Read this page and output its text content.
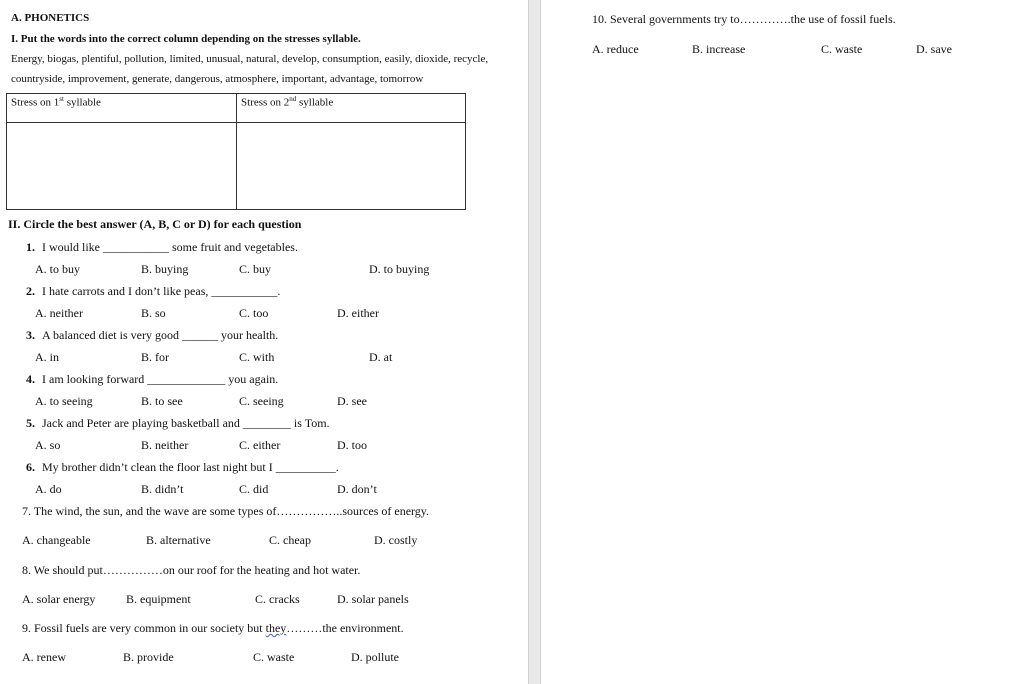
A. PHONETICS
I. Put the words into the correct column depending on the stresses syllable.
Energy, biogas, plentiful, pollution, limited, unusual, natural, develop, consumption, easily, dioxide, recycle,
countryside, improvement, generate, dangerous, atmosphere, important, advantage, tomorrow
Stress on 1st syllable	Stress on 2nd syllable

II. Circle the best answer (A, B, C or D) for each question
1. I would like ___________ some fruit and vegetables.
A. to buy	B. buying	C. buy	D. to buying
2. I hate carrots and I don’t like peas, ___________.
A. neither	B. so	C. too	D. either
3. A balanced diet is very good ______ your health.
A. in	B. for	C. with	D. at
4. I am looking forward _____________ you again.
A. to seeing	B. to see	C. seeing	D. see
5. Jack and Peter are playing basketball and ________ is Tom.
A. so	B. neither	C. either	D. too
6. My brother didn’t clean the floor last night but I __________.
A. do	B. didn’t	C. did	D. don’t
7. The wind, the sun, and the wave are some types of……………..sources of energy.
A. changeable	B. alternative	C. cheap	D. costly
8. We should put……………on our roof for the heating and hot water.
A. solar energy	B. equipment	C. cracks	D. solar panels
9. Fossil fuels are very common in our society but they………the environment.
A. renew	B. provide	C. waste	D. pollute
10. Several governments try to………….the use of fossil fuels.
A. reduce	B. increase	C. waste	D. save
